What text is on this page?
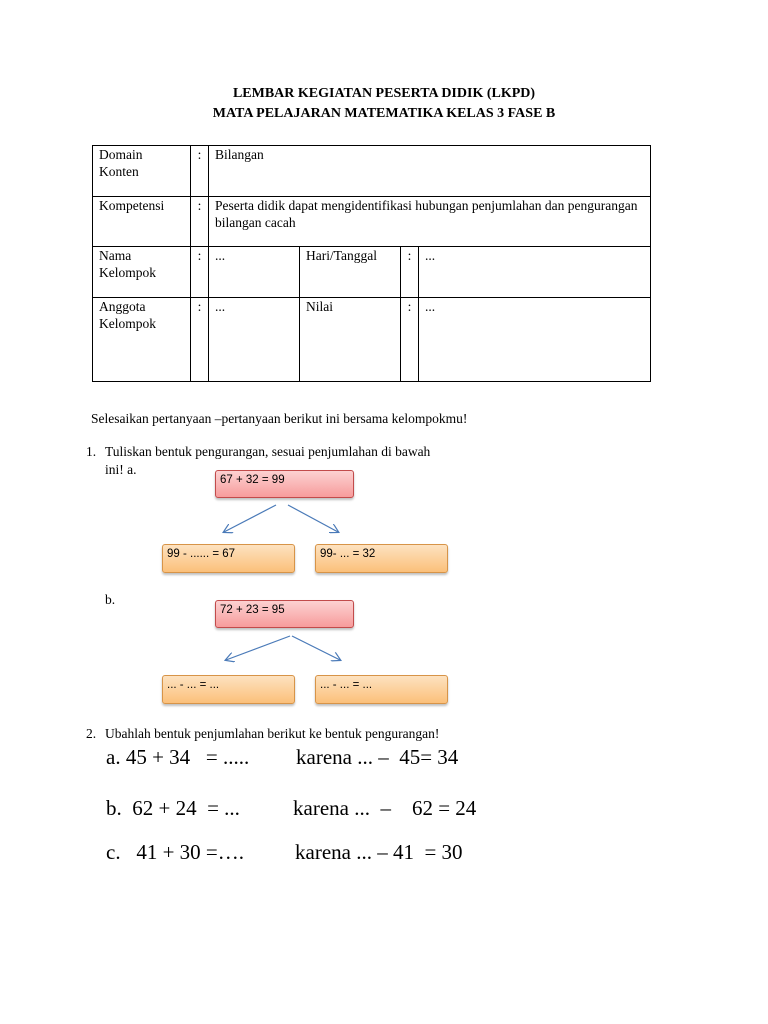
LEMBAR KEGIATAN PESERTA DIDIK (LKPD)
MATA PELAJARAN MATEMATIKA KELAS 3 FASE B
Domain Konten	:	Bilangan			
Kompetensi	:	Peserta didik dapat mengidentifikasi hubungan penjumlahan dan pengurangan bilangan cacah			
Nama Kelompok	:	...	Hari/Tanggal	:	...
Anggota Kelompok	:	...	Nilai	:	...
Selesaikan pertanyaan –pertanyaan berikut ini bersama kelompokmu!
1. Tuliskan bentuk pengurangan, sesuai penjumlahan di bawah
ini! a.
67 + 32 = 99
99 - ...... = 67	99- ... = 32
b.
72 + 23 = 95
... - ... = ...	... - ... = ...
2. Ubahlah bentuk penjumlahan berikut ke bentuk pengurangan!
a. 45 + 34   = ..... karena ... –  45= 34
b.  62 + 24  = ...	karena ...  –    62 = 24
c.   41 + 30 =…. karena ... – 41  = 30
